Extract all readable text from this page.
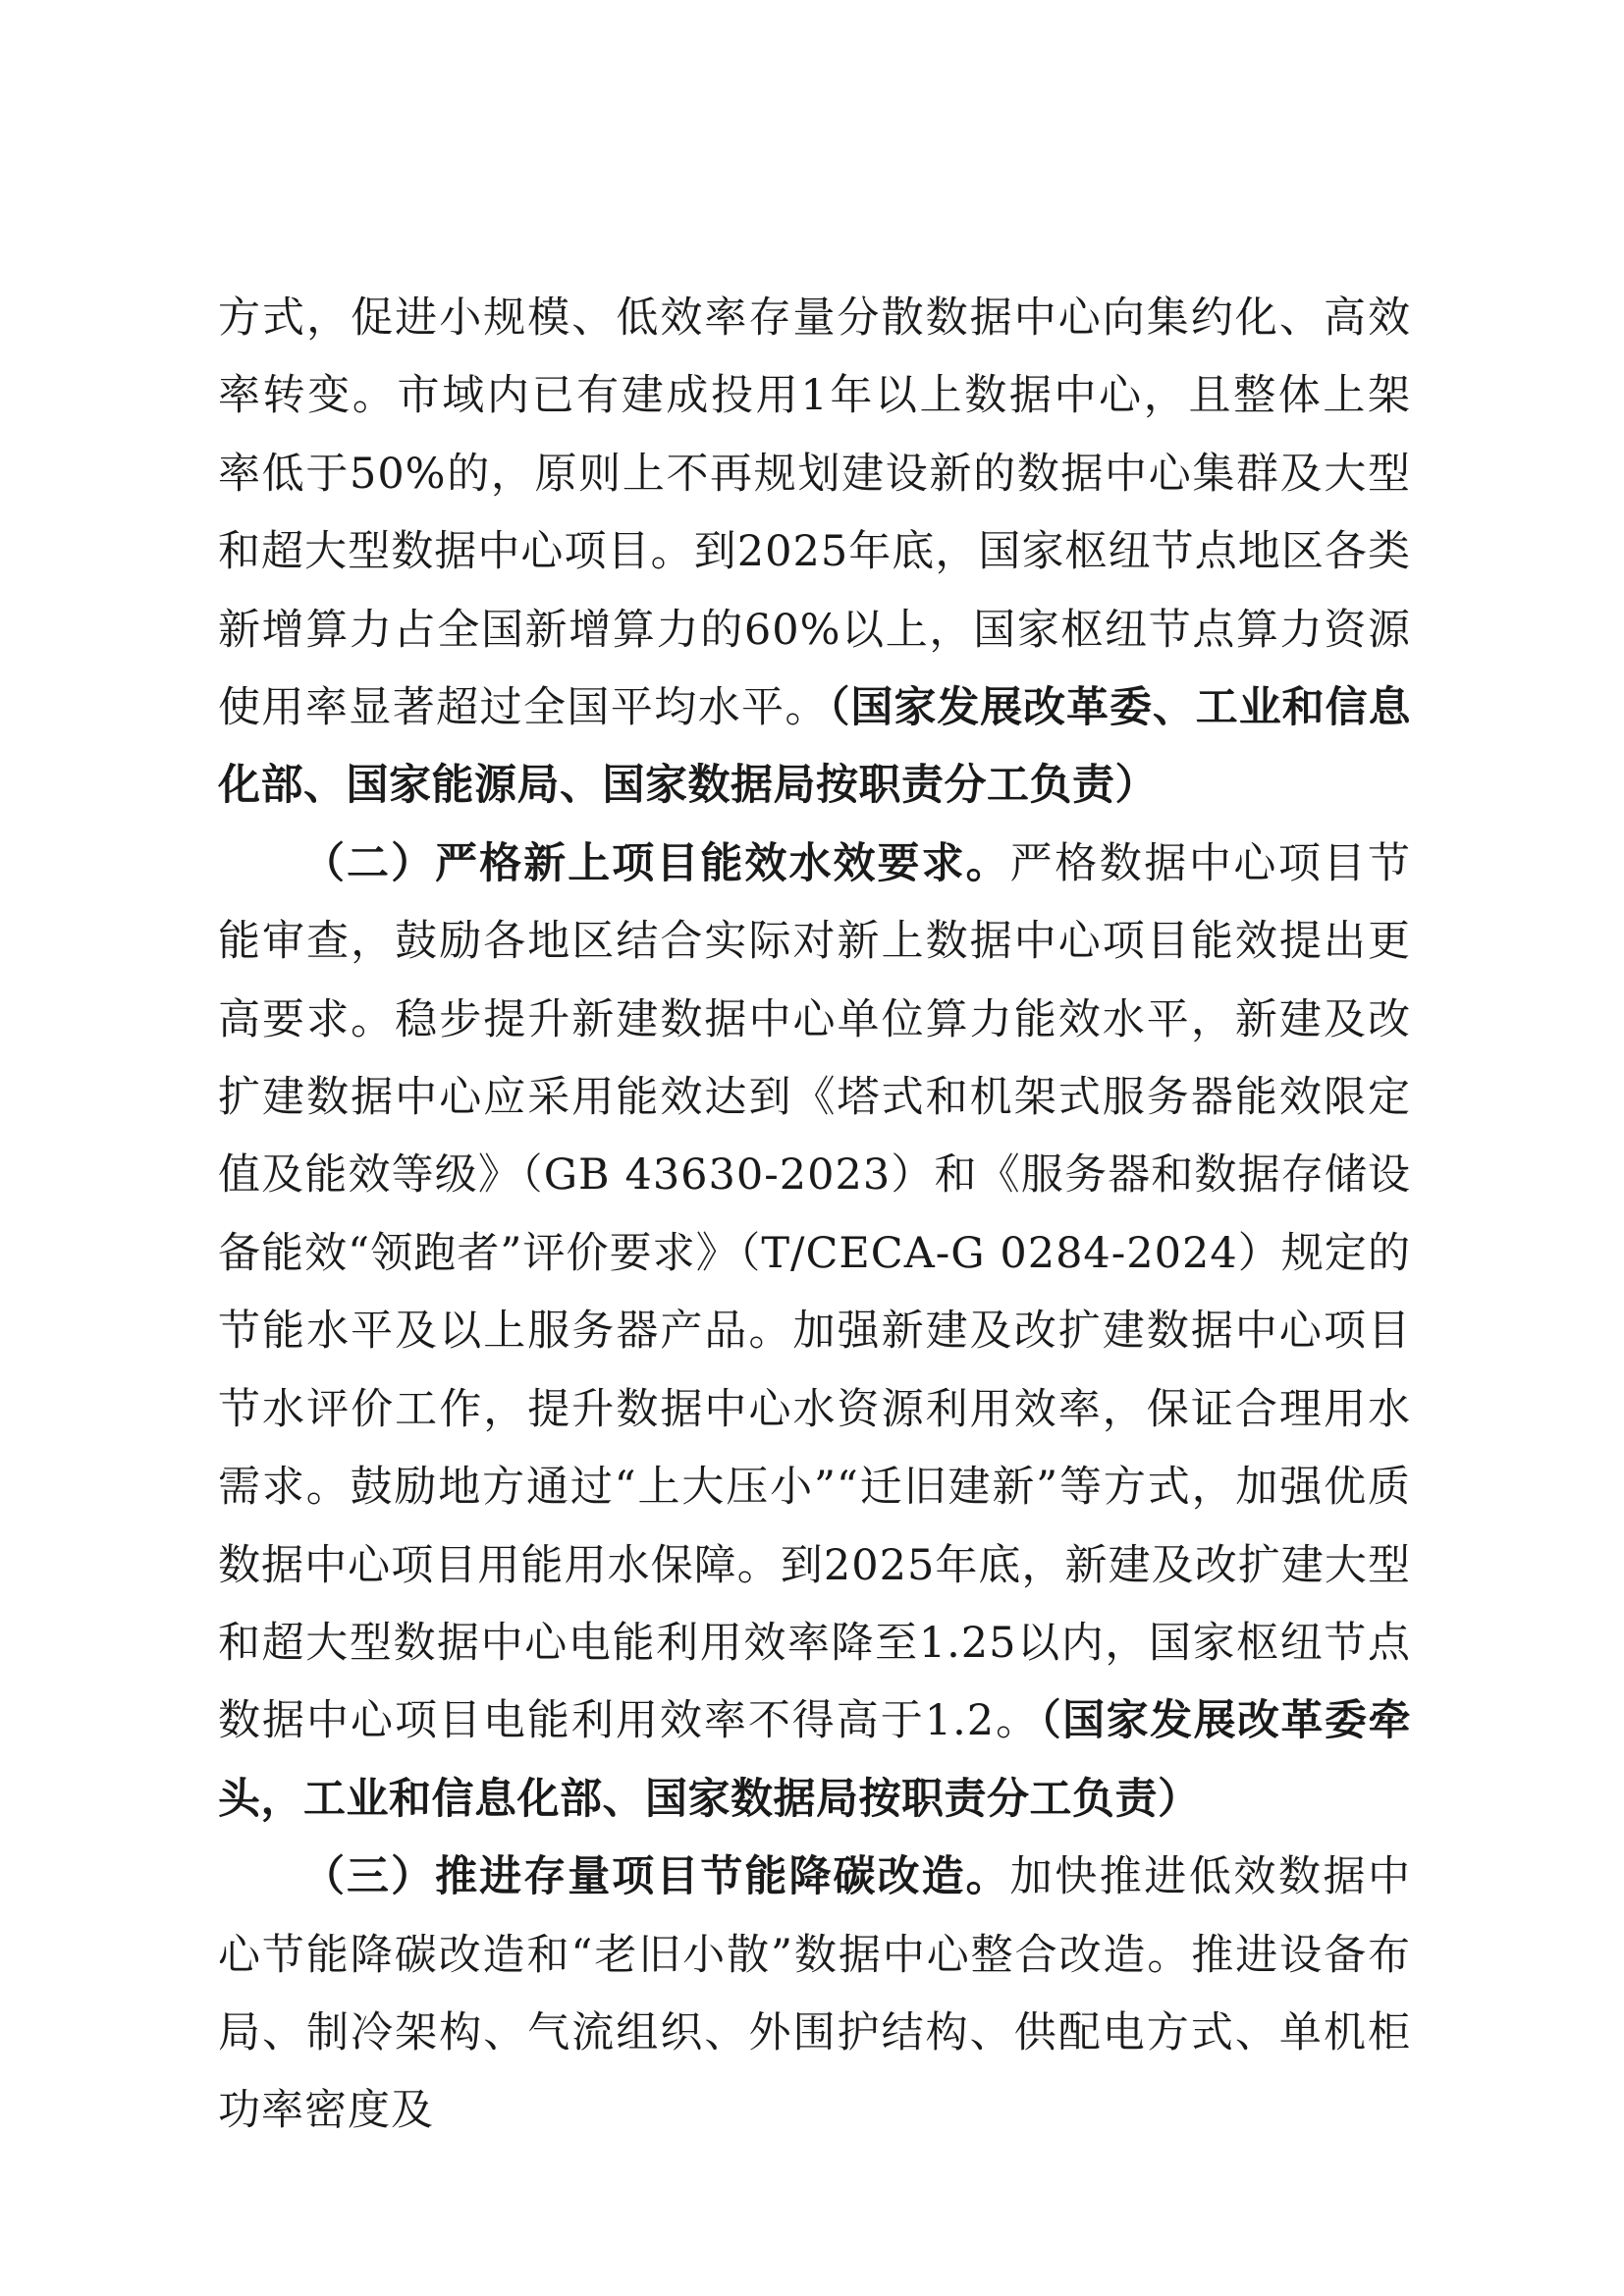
方式，促进小规模、低效率存量分散数据中心向集约化、高效率转变。市域内已有建成投用1年以上数据中心，且整体上架率低于50%的，原则上不再规划建设新的数据中心集群及大型和超大型数据中心项目。到2025年底，国家枢纽节点地区各类新增算力占全国新增算力的60%以上，国家枢纽节点算力资源使用率显著超过全国平均水平。（国家发展改革委、工业和信息化部、国家能源局、国家数据局按职责分工负责）

（二）严格新上项目能效水效要求。严格数据中心项目节能审查，鼓励各地区结合实际对新上数据中心项目能效提出更高要求。稳步提升新建数据中心单位算力能效水平，新建及改扩建数据中心应采用能效达到《塔式和机架式服务器能效限定值及能效等级》（GB 43630-2023）和《服务器和数据存储设备能效“领跑者”评价要求》（T/CECA-G 0284-2024）规定的节能水平及以上服务器产品。加强新建及改扩建数据中心项目节水评价工作，提升数据中心水资源利用效率，保证合理用水需求。鼓励地方通过“上大压小”“迁旧建新”等方式，加强优质数据中心项目用能用水保障。到2025年底，新建及改扩建大型和超大型数据中心电能利用效率降至1.25以内，国家枢纽节点数据中心项目电能利用效率不得高于1.2。（国家发展改革委牵头，工业和信息化部、国家数据局按职责分工负责）

（三）推进存量项目节能降碳改造。加快推进低效数据中心节能降碳改造和“老旧小散”数据中心整合改造。推进设备布局、制冷架构、气流组织、外围护结构、供配电方式、单机柜功率密度及
